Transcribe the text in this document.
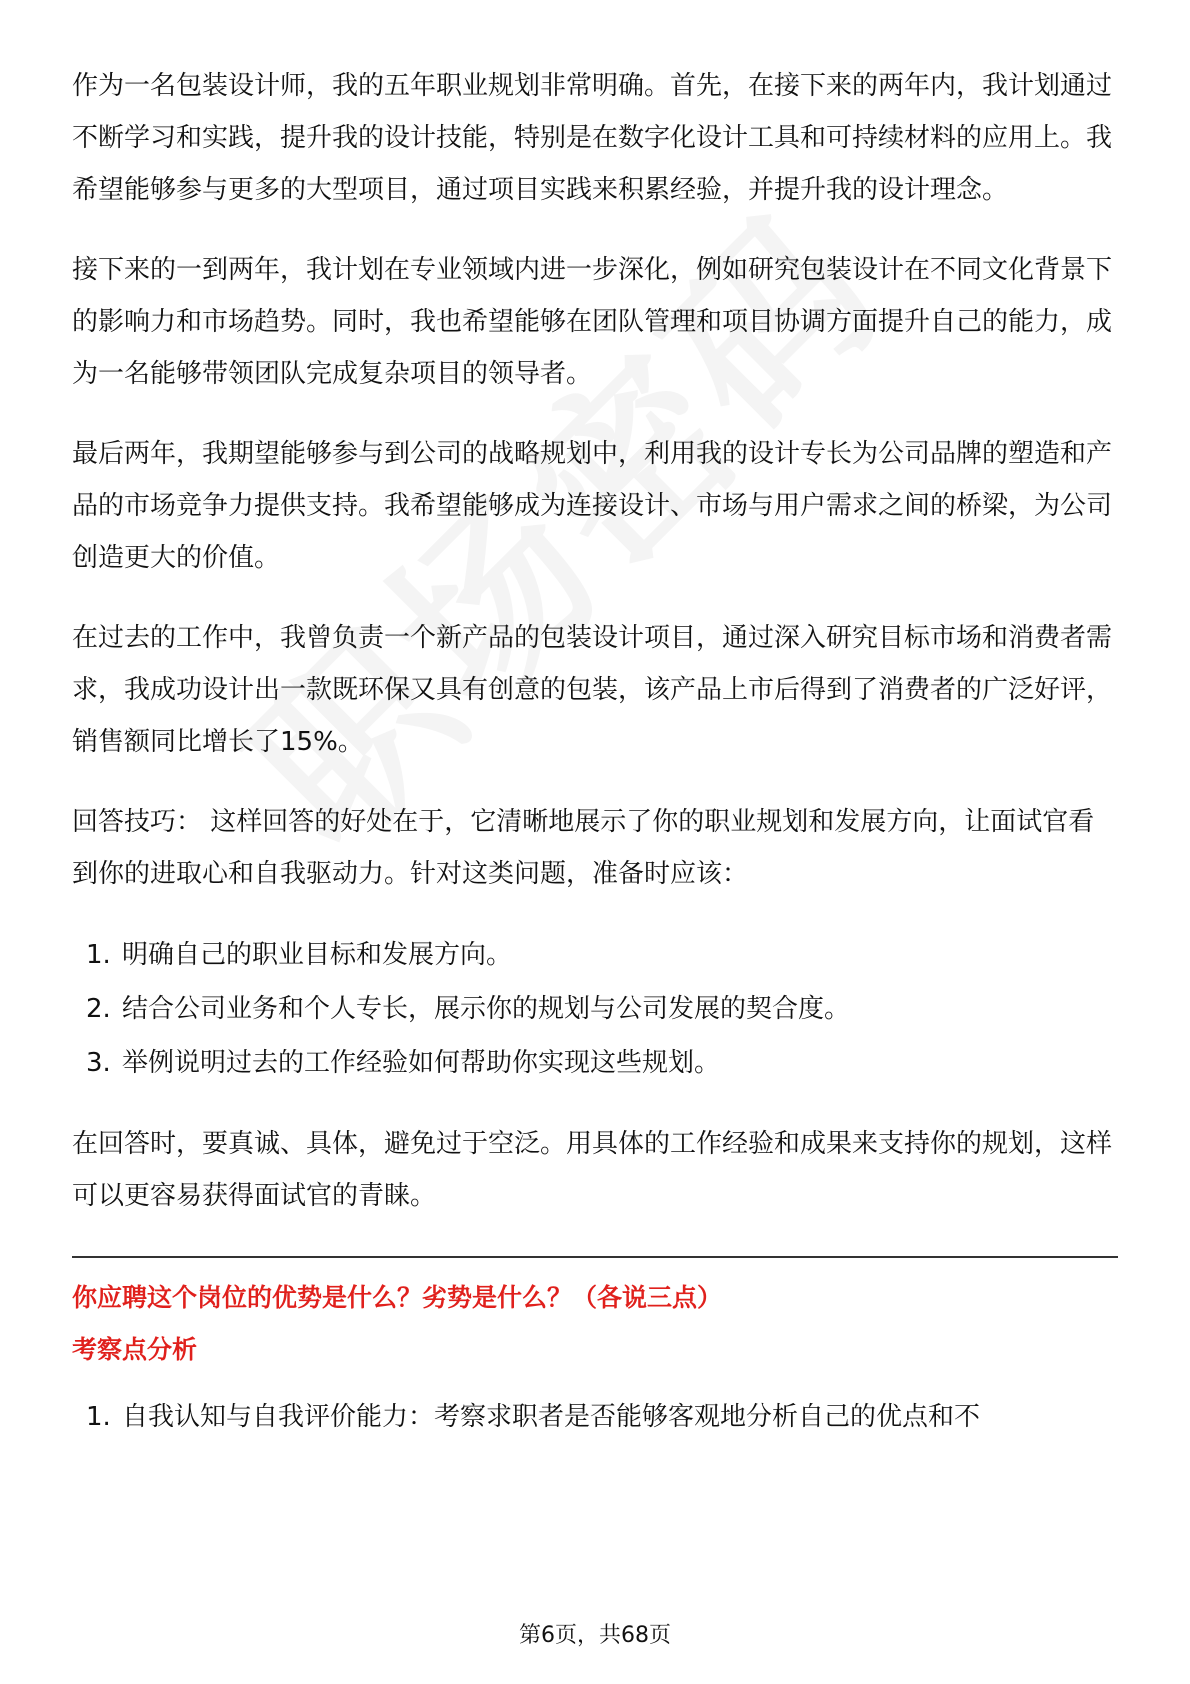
作为一名包装设计师，我的五年职业规划非常明确。首先，在接下来的两年内，我计划通过不断学习和实践，提升我的设计技能，特别是在数字化设计工具和可持续材料的应用上。我希望能够参与更多的大型项目，通过项目实践来积累经验，并提升我的设计理念。

接下来的一到两年，我计划在专业领域内进一步深化，例如研究包装设计在不同文化背景下的影响力和市场趋势。同时，我也希望能够在团队管理和项目协调方面提升自己的能力，成为一名能够带领团队完成复杂项目的领导者。

最后两年，我期望能够参与到公司的战略规划中，利用我的设计专长为公司品牌的塑造和产品的市场竞争力提供支持。我希望能够成为连接设计、市场与用户需求之间的桥梁，为公司创造更大的价值。

在过去的工作中，我曾负责一个新产品的包装设计项目，通过深入研究目标市场和消费者需求，我成功设计出一款既环保又具有创意的包装，该产品上市后得到了消费者的广泛好评，销售额同比增长了15%。

回答技巧： 这样回答的好处在于，它清晰地展示了你的职业规划和发展方向，让面试官看到你的进取心和自我驱动力。针对这类问题，准备时应该：

1. 明确自己的职业目标和发展方向。
2. 结合公司业务和个人专长，展示你的规划与公司发展的契合度。
3. 举例说明过去的工作经验如何帮助你实现这些规划。

在回答时，要真诚、具体，避免过于空泛。用具体的工作经验和成果来支持你的规划，这样可以更容易获得面试官的青睐。

你应聘这个岗位的优势是什么？劣势是什么？（各说三点）

考察点分析

1. 自我认知与自我评价能力：考察求职者是否能够客观地分析自己的优点和不
第6页，共68页
